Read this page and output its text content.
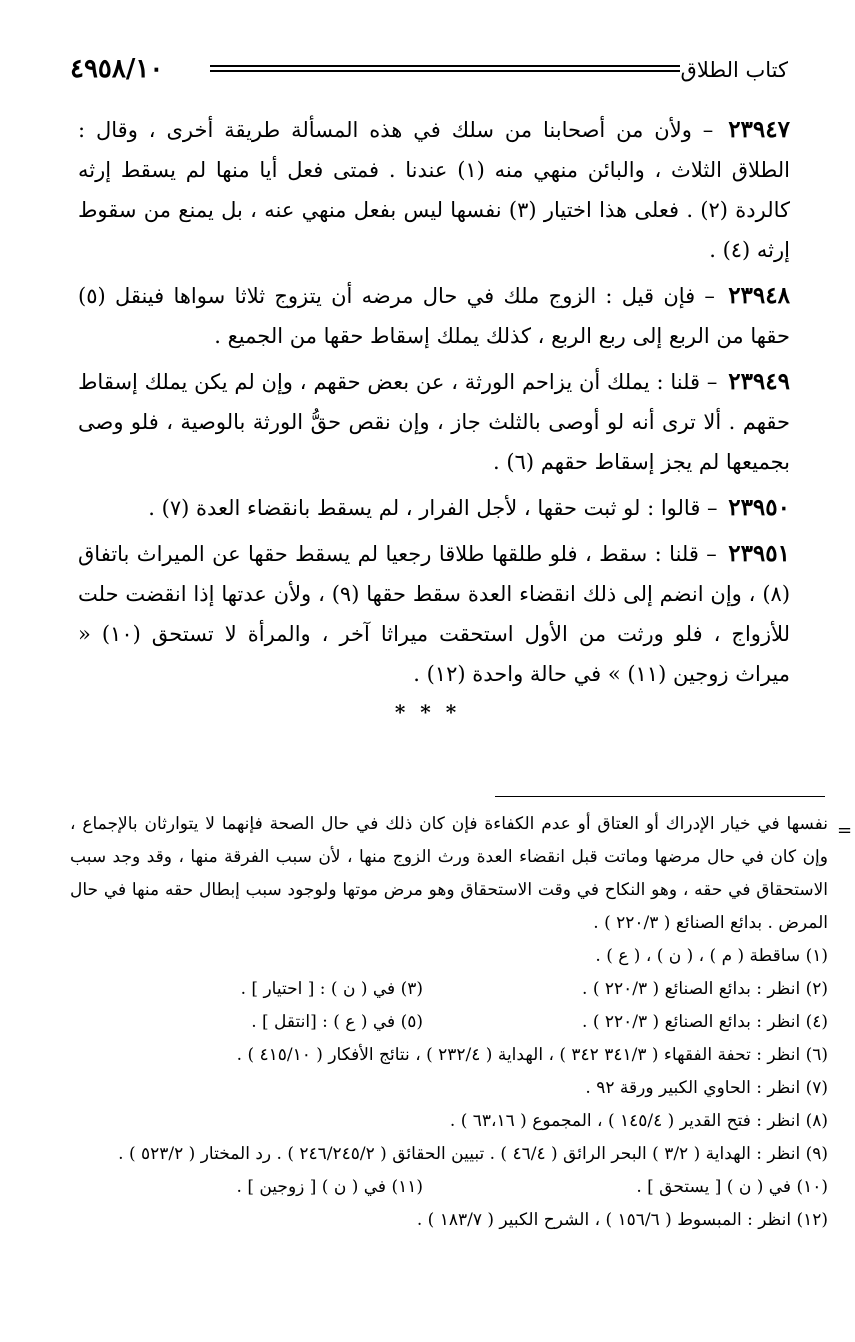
كتاب الطلاق
٤٩٥٨/١٠

٢٣٩٤٧ – ولأن من أصحابنا من سلك في هذه المسألة طريقة أخرى ، وقال : الطلاق الثلاث ، والبائن منهي منه (١) عندنا . فمتى فعل أيا منها لم يسقط إرثه كالردة (٢) . فعلى هذا اختيار (٣) نفسها ليس بفعل منهي عنه ، بل يمنع من سقوط إرثه (٤) .

٢٣٩٤٨ – فإن قيل : الزوج ملك في حال مرضه أن يتزوج ثلاثا سواها فينقل (٥) حقها من الربع إلى ربع الربع ، كذلك يملك إسقاط حقها من الجميع .

٢٣٩٤٩ – قلنا : يملك أن يزاحم الورثة ، عن بعض حقهم ، وإن لم يكن يملك إسقاط حقهم . ألا ترى أنه لو أوصى بالثلث جاز ، وإن نقص حقُّ الورثة بالوصية ، فلو وصى بجميعها لم يجز إسقاط حقهم (٦) .

٢٣٩٥٠ – قالوا : لو ثبت حقها ، لأجل الفرار ، لم يسقط بانقضاء العدة (٧) .

٢٣٩٥١ – قلنا : سقط ، فلو طلقها طلاقا رجعيا لم يسقط حقها عن الميراث باتفاق (٨) ، وإن انضم إلى ذلك انقضاء العدة سقط حقها (٩) ، ولأن عدتها إذا انقضت حلت للأزواج ، فلو ورثت من الأول استحقت ميراثا آخر ، والمرأة لا تستحق (١٠) « ميراث زوجين (١١) » في حالة واحدة (١٢) .

* * *
=

نفسها في خيار الإدراك أو العتاق أو عدم الكفاءة فإن كان ذلك في حال الصحة فإنهما لا يتوارثان بالإجماع ، وإن كان في حال مرضها وماتت قبل انقضاء العدة ورث الزوج منها ، لأن سبب الفرقة منها ، وقد وجد سبب الاستحقاق في حقه ، وهو النكاح في وقت الاستحقاق وهو مرض موتها ولوجود سبب إبطال حقه منها في حال المرض . بدائع الصنائع ( ٢٢٠/٣ ) .

(١) ساقطة ( م ) ، ( ن ) ، ( ع ) .

(٢) انظر : بدائع الصنائع ( ٢٢٠/٣ ) .
(٣) في ( ن ) : [ احتيار ] .
(٤) انظر : بدائع الصنائع ( ٢٢٠/٣ ) .
(٥) في ( ع ) : [انتقل ] .

(٦) انظر : تحفة الفقهاء ( ٣٤١/٣ ٣٤٢ ) ، الهداية ( ٢٣٢/٤ ) ، نتائج الأفكار ( ٤١٥/١٠ ) .

(٧) انظر : الحاوي الكبير ورقة ٩٢ .

(٨) انظر : فتح القدير ( ١٤٥/٤ ) ، المجموع ( ٦٣،١٦ ) .

(٩) انظر : الهداية ( ٣/٢ ) البحر الرائق ( ٤٦/٤ ) . تبيين الحقائق ( ٢٤٦/٢٤٥/٢ ) . رد المختار ( ٥٢٣/٢ ) .

(١٠) في ( ن ) [ يستحق ] .
(١١) في ( ن ) [ زوجين ] .

(١٢) انظر : المبسوط ( ١٥٦/٦ ) ، الشرح الكبير ( ١٨٣/٧ ) .
